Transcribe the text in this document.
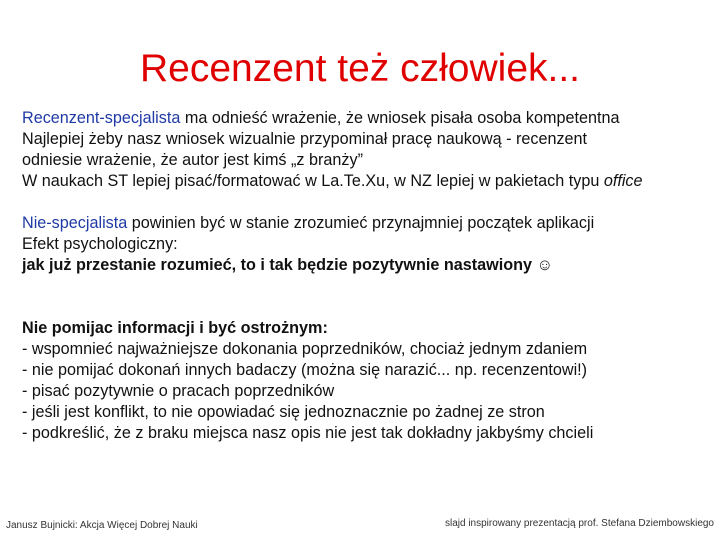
Recenzent też człowiek...
Recenzent-specjalista ma odnieść wrażenie, że wniosek pisała osoba kompetentna
Najlepiej żeby nasz wniosek wizualnie przypominał pracę naukową - recenzent
odniesie wrażenie, że autor jest kimś „z branży”
W naukach ST lepiej pisać/formatować w La.Te.Xu, w NZ lepiej w pakietach typu office
Nie-specjalista powinien być w stanie zrozumieć przynajmniej początek aplikacji
Efekt psychologiczny:
jak już przestanie rozumieć, to i tak będzie pozytywnie nastawiony ☺
Nie pomijac informacji i być ostrożnym:
- wspomnieć najważniejsze dokonania poprzedników, chociaż jednym zdaniem
- nie pomijać dokonań innych badaczy (można się narazić... np. recenzentowi!)
- pisać pozytywnie o pracach poprzedników
- jeśli jest konflikt, to nie opowiadać się jednoznacznie po żadnej ze stron
- podkreślić, że z braku miejsca nasz opis nie jest tak dokładny jakbyśmy chcieli
Janusz Bujnicki: Akcja Więcej Dobrej Nauki	slajd inspirowany prezentacją prof. Stefana Dziembowskiego
